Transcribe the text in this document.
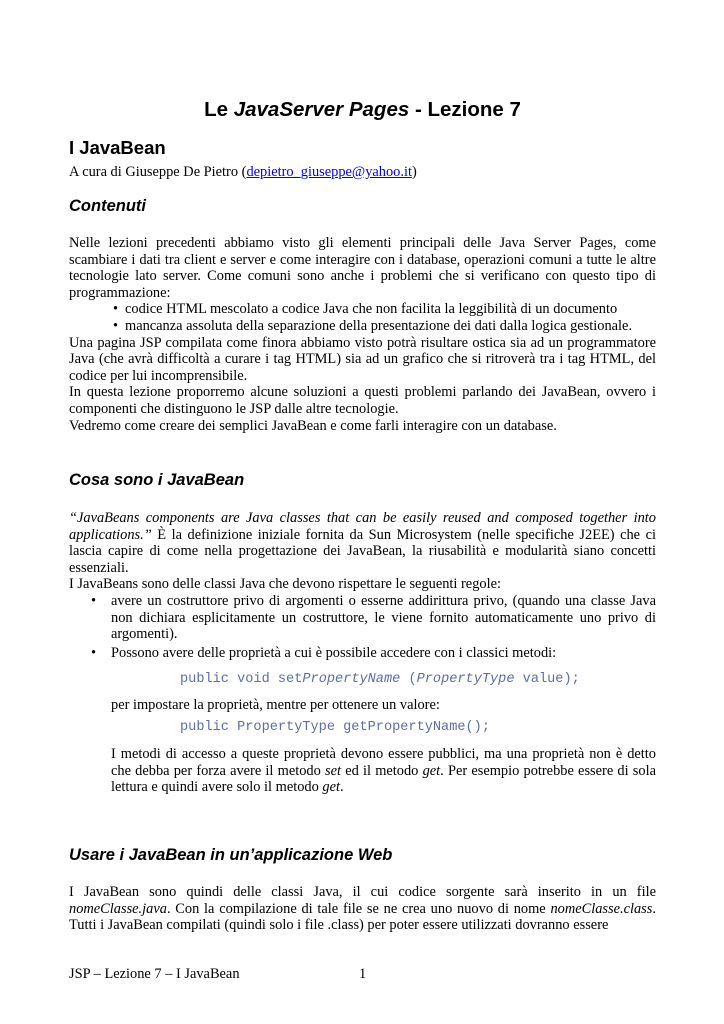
Le JavaServer Pages - Lezione 7
I JavaBean
A cura di Giuseppe De Pietro (depietro_giuseppe@yahoo.it)
Contenuti

Nelle lezioni precedenti abbiamo visto gli elementi principali delle Java Server Pages, come scambiare i dati tra client e server e come interagire con i database, operazioni comuni a tutte le altre tecnologie lato server. Come comuni sono anche i problemi che si verificano con questo tipo di programmazione:

• codice HTML mescolato a codice Java che non facilita la leggibilità di un documento
• mancanza assoluta della separazione della presentazione dei dati dalla logica gestionale.

Una pagina JSP compilata come finora abbiamo visto potrà risultare ostica sia ad un programmatore Java (che avrà difficoltà a curare i tag HTML) sia ad un grafico che si ritroverà tra i tag HTML, del codice per lui incomprensibile.

In questa lezione proporremo alcune soluzioni a questi problemi parlando dei JavaBean, ovvero i componenti che distinguono le JSP dalle altre tecnologie.

Vedremo come creare dei semplici JavaBean e come farli interagire con un database.

Cosa sono i JavaBean

“JavaBeans components are Java classes that can be easily reused and composed together into applications.” È la definizione iniziale fornita da Sun Microsystem (nelle specifiche J2EE) che ci lascia capire di come nella progettazione dei JavaBean, la riusabilità e modularità siano concetti essenziali.

I JavaBeans sono delle classi Java che devono rispettare le seguenti regole:

• avere un costruttore privo di argomenti o esserne addirittura privo, (quando una classe Java non dichiara esplicitamente un costruttore, le viene fornito automaticamente uno privo di argomenti).

• Possono avere delle proprietà a cui è possibile accedere con i classici metodi:

public void setPropertyName (PropertyType value);
per impostare la proprietà, mentre per ottenere un valore:
public PropertyType getPropertyName();

I metodi di accesso a queste proprietà devono essere pubblici, ma una proprietà non è detto che debba per forza avere il metodo set ed il metodo get. Per esempio potrebbe essere di sola lettura e quindi avere solo il metodo get.

Usare i JavaBean in un’applicazione Web

I JavaBean sono quindi delle classi Java, il cui codice sorgente sarà inserito in un file nomeClasse.java. Con la compilazione di tale file se ne crea uno nuovo di nome nomeClasse.class. Tutti i JavaBean compilati (quindi solo i file .class) per poter essere utilizzati dovranno essere

JSP – Lezione 7 – I JavaBean	1
